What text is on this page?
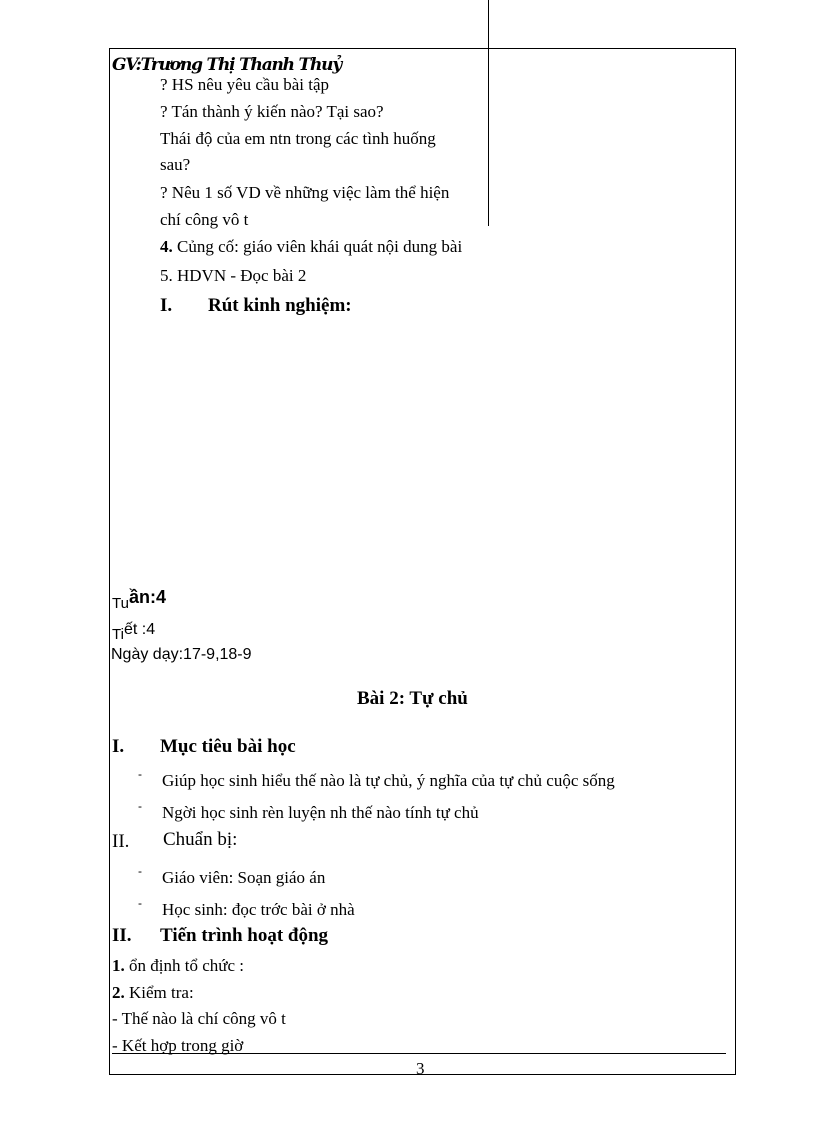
GV:Trương Thị Thanh Thuỷ
? HS nêu yêu cầu bài tập
? Tán thành ý kiến nào? Tại sao?
Thái độ của em ntn trong các tình huống
sau?
? Nêu 1 số VD về những việc làm thể hiện
chí công vô t
4. Củng cố: giáo viên khái quát nội dung bài
5. HDVN - Đọc bài 2
I. Rút kinh nghiệm:
$_{Tu}$ần:4
Tiết :4
Ngày dạy:17-9,18-9
Bài 2: Tự chủ
I. Mục tiêu bài học
- Giúp học sinh hiểu thế nào là tự chủ, ý nghĩa của tự chủ cuộc sống
- Ngời học sinh rèn luyện nh thế nào tính tự chủ
II. Chuẩn bị:
- Giáo viên: Soạn giáo án
- Học sinh: đọc trớc bài ở nhà
II. Tiến trình hoạt động
1. ổn định tổ chức :
2. Kiểm tra:
- Thế nào là chí công vô t
- Kết hợp trong giờ
3
